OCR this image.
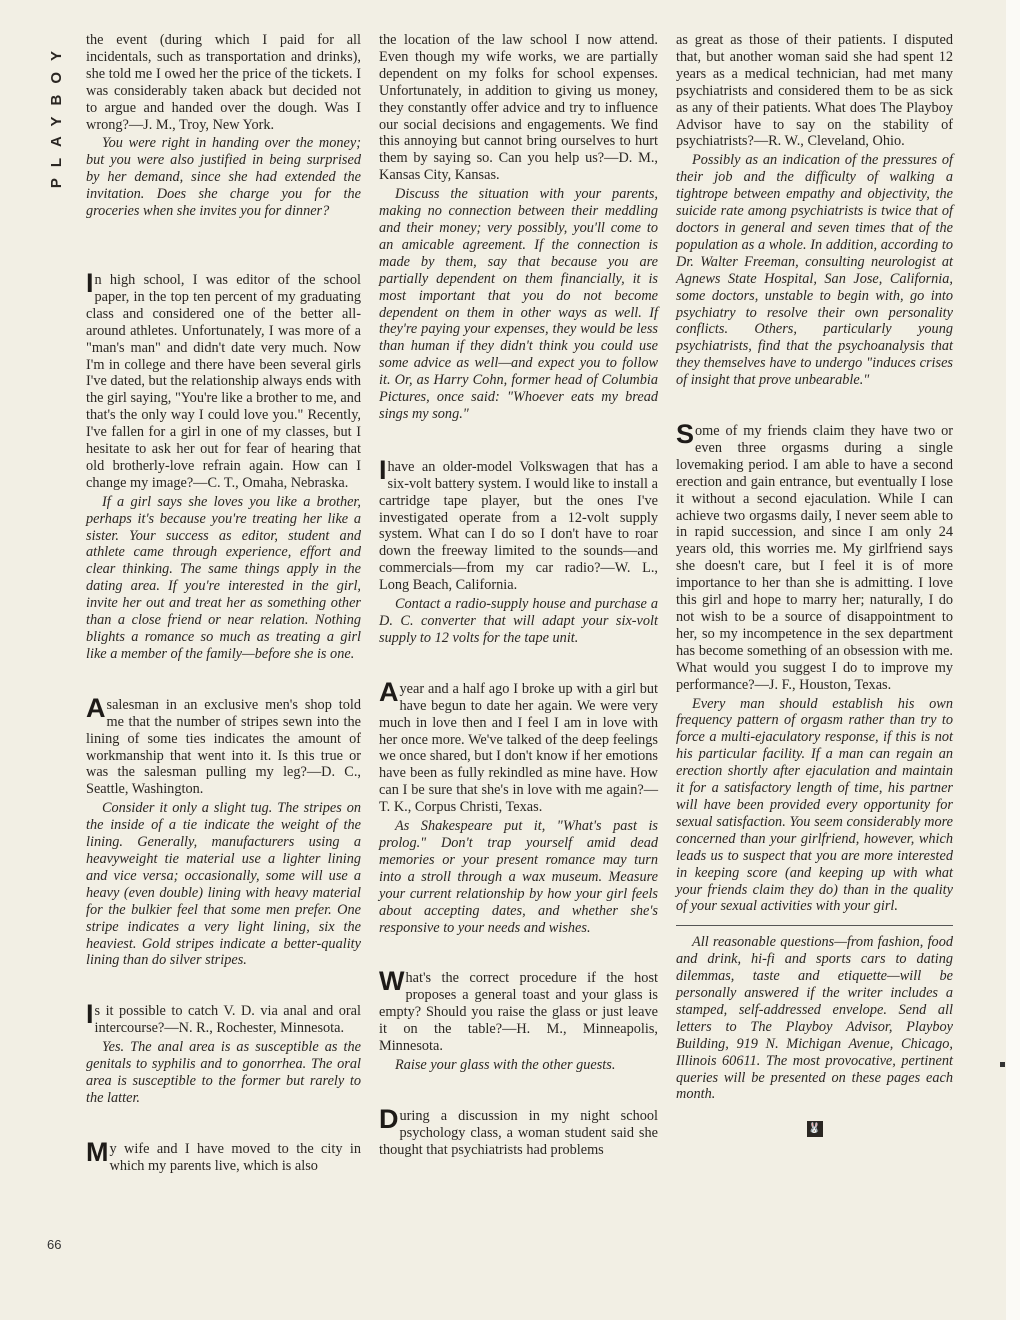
PLAYBOY
66

the event (during which I paid for all incidentals, such as transportation and drinks), she told me I owed her the price of the tickets. I was considerably taken aback but decided not to argue and handed over the dough. Was I wrong?—J. M., Troy, New York.

You were right in handing over the money; but you were also justified in being surprised by her demand, since she had extended the invitation. Does she charge you for the groceries when she invites you for dinner?

In high school, I was editor of the school paper, in the top ten percent of my graduating class and considered one of the better all-around athletes. Unfortunately, I was more of a "man's man" and didn't date very much. Now I'm in college and there have been several girls I've dated, but the relationship always ends with the girl saying, "You're like a brother to me, and that's the only way I could love you." Recently, I've fallen for a girl in one of my classes, but I hesitate to ask her out for fear of hearing that old brotherly-love refrain again. How can I change my image?—C. T., Omaha, Nebraska.

If a girl says she loves you like a brother, perhaps it's because you're treating her like a sister. Your success as editor, student and athlete came through experience, effort and clear thinking. The same things apply in the dating area. If you're interested in the girl, invite her out and treat her as something other than a close friend or near relation. Nothing blights a romance so much as treating a girl like a member of the family—before she is one.

A salesman in an exclusive men's shop told me that the number of stripes sewn into the lining of some ties indicates the amount of workmanship that went into it. Is this true or was the salesman pulling my leg?—D. C., Seattle, Washington.

Consider it only a slight tug. The stripes on the inside of a tie indicate the weight of the lining. Generally, manufacturers using a heavyweight tie material use a lighter lining and vice versa; occasionally, some will use a heavy (even double) lining with heavy material for the bulkier feel that some men prefer. One stripe indicates a very light lining, six the heaviest. Gold stripes indicate a better-quality lining than do silver stripes.

Is it possible to catch V. D. via anal and oral intercourse?—N. R., Rochester, Minnesota.

Yes. The anal area is as susceptible as the genitals to syphilis and to gonorrhea. The oral area is susceptible to the former but rarely to the latter.

My wife and I have moved to the city in which my parents live, which is also

the location of the law school I now attend. Even though my wife works, we are partially dependent on my folks for school expenses. Unfortunately, in addition to giving us money, they constantly offer advice and try to influence our social decisions and engagements. We find this annoying but cannot bring ourselves to hurt them by saying so. Can you help us?—D. M., Kansas City, Kansas.

Discuss the situation with your parents, making no connection between their meddling and their money; very possibly, you'll come to an amicable agreement. If the connection is made by them, say that because you are partially dependent on them financially, it is most important that you do not become dependent on them in other ways as well. If they're paying your expenses, they would be less than human if they didn't think you could use some advice as well—and expect you to follow it. Or, as Harry Cohn, former head of Columbia Pictures, once said: "Whoever eats my bread sings my song."

I have an older-model Volkswagen that has a six-volt battery system. I would like to install a cartridge tape player, but the ones I've investigated operate from a 12-volt supply system. What can I do so I don't have to roar down the freeway limited to the sounds—and commercials—from my car radio?—W. L., Long Beach, California.

Contact a radio-supply house and purchase a D. C. converter that will adapt your six-volt supply to 12 volts for the tape unit.

A year and a half ago I broke up with a girl but have begun to date her again. We were very much in love then and I feel I am in love with her once more. We've talked of the deep feelings we once shared, but I don't know if her emotions have been as fully rekindled as mine have. How can I be sure that she's in love with me again?—T. K., Corpus Christi, Texas.

As Shakespeare put it, "What's past is prolog." Don't trap yourself amid dead memories or your present romance may turn into a stroll through a wax museum. Measure your current relationship by how your girl feels about accepting dates, and whether she's responsive to your needs and wishes.

What's the correct procedure if the host proposes a general toast and your glass is empty? Should you raise the glass or just leave it on the table?—H. M., Minneapolis, Minnesota.

Raise your glass with the other guests.

During a discussion in my night school psychology class, a woman student said she thought that psychiatrists had problems

as great as those of their patients. I disputed that, but another woman said she had spent 12 years as a medical technician, had met many psychiatrists and considered them to be as sick as any of their patients. What does The Playboy Advisor have to say on the stability of psychiatrists?—R. W., Cleveland, Ohio.

Possibly as an indication of the pressures of their job and the difficulty of walking a tightrope between empathy and objectivity, the suicide rate among psychiatrists is twice that of doctors in general and seven times that of the population as a whole. In addition, according to Dr. Walter Freeman, consulting neurologist at Agnews State Hospital, San Jose, California, some doctors, unstable to begin with, go into psychiatry to resolve their own personality conflicts. Others, particularly young psychiatrists, find that the psychoanalysis that they themselves have to undergo "induces crises of insight that prove unbearable."

Some of my friends claim they have two or even three orgasms during a single lovemaking period. I am able to have a second erection and gain entrance, but eventually I lose it without a second ejaculation. While I can achieve two orgasms daily, I never seem able to in rapid succession, and since I am only 24 years old, this worries me. My girlfriend says she doesn't care, but I feel it is of more importance to her than she is admitting. I love this girl and hope to marry her; naturally, I do not wish to be a source of disappointment to her, so my incompetence in the sex department has become something of an obsession with me. What would you suggest I do to improve my performance?—J. F., Houston, Texas.

Every man should establish his own frequency pattern of orgasm rather than try to force a multi-ejaculatory response, if this is not his particular facility. If a man can regain an erection shortly after ejaculation and maintain it for a satisfactory length of time, his partner will have been provided every opportunity for sexual satisfaction. You seem considerably more concerned than your girlfriend, however, which leads us to suspect that you are more interested in keeping score (and keeping up with what your friends claim they do) than in the quality of your sexual activities with your girl.

All reasonable questions—from fashion, food and drink, hi-fi and sports cars to dating dilemmas, taste and etiquette—will be personally answered if the writer includes a stamped, self-addressed envelope. Send all letters to The Playboy Advisor, Playboy Building, 919 N. Michigan Avenue, Chicago, Illinois 60611. The most provocative, pertinent queries will be presented on these pages each month.

🐰
